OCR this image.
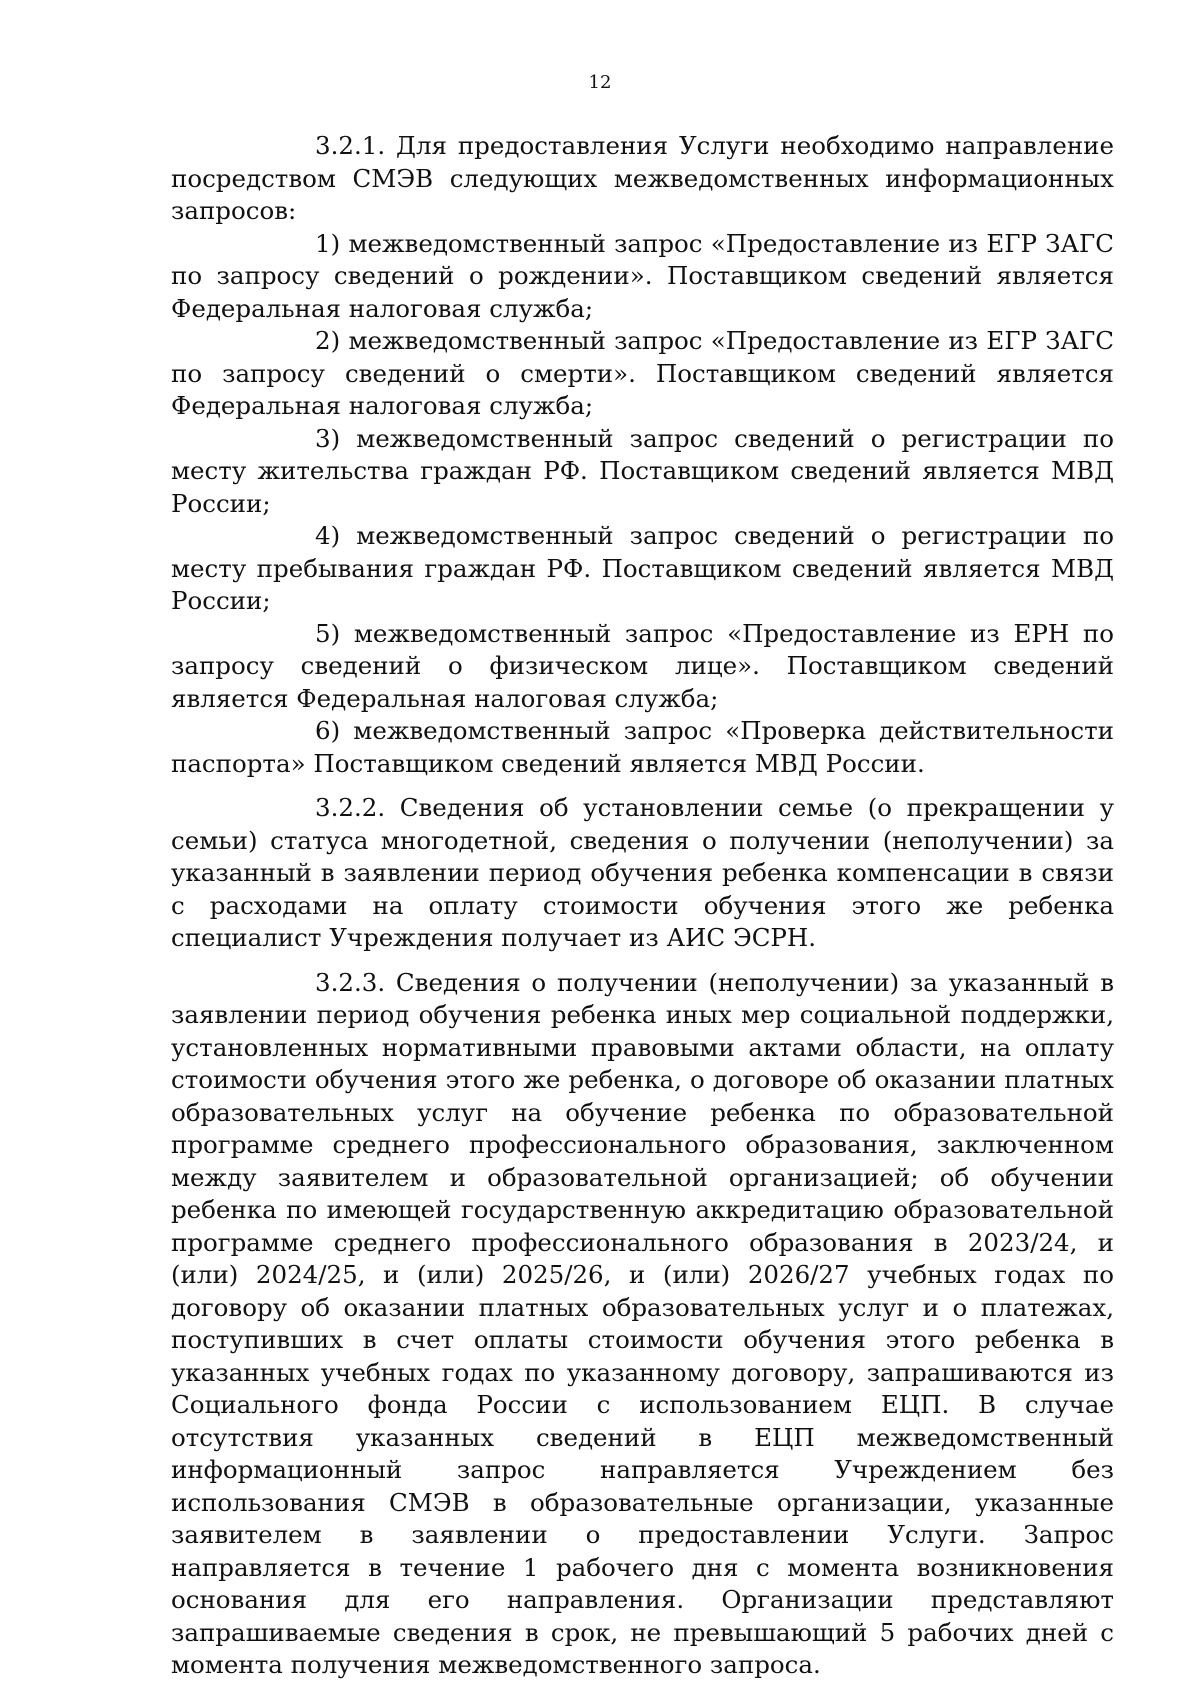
12

3.2.1. Для предоставления Услуги необходимо направление посредством СМЭВ следующих межведомственных информационных запросов:

1) межведомственный запрос «Предоставление из ЕГР ЗАГС по запросу сведений о рождении». Поставщиком сведений является Федеральная налоговая служба;

2) межведомственный запрос «Предоставление из ЕГР ЗАГС по запросу сведений о смерти». Поставщиком сведений является Федеральная налоговая служба;

3) межведомственный запрос сведений о регистрации по месту жительства граждан РФ. Поставщиком сведений является МВД России;

4) межведомственный запрос сведений о регистрации по месту пребывания граждан РФ. Поставщиком сведений является МВД России;

5) межведомственный запрос «Предоставление из ЕРН по запросу сведений о физическом лице». Поставщиком сведений является Федеральная налоговая служба;

6) межведомственный запрос «Проверка действительности паспорта» Поставщиком сведений является МВД России.

3.2.2. Сведения об установлении семье (о прекращении у семьи) статуса многодетной, сведения о получении (неполучении) за указанный в заявлении период обучения ребенка компенсации в связи с расходами на оплату стоимости обучения этого же ребенка специалист Учреждения получает из АИС ЭСРН.

3.2.3. Сведения о получении (неполучении) за указанный в заявлении период обучения ребенка иных мер социальной поддержки, установленных нормативными правовыми актами области, на оплату стоимости обучения этого же ребенка, о договоре об оказании платных образовательных услуг на обучение ребенка по образовательной программе среднего профессионального образования, заключенном между заявителем и образовательной организацией; об обучении ребенка по имеющей государственную аккредитацию образовательной программе среднего профессионального образования в 2023/24, и (или) 2024/25, и (или) 2025/26, и (или) 2026/27 учебных годах по договору об оказании платных образовательных услуг и о платежах, поступивших в счет оплаты стоимости обучения этого ребенка в указанных учебных годах по указанному договору, запрашиваются из Социального фонда России с использованием ЕЦП. В случае отсутствия указанных сведений в ЕЦП межведомственный информационный запрос направляется Учреждением без использования СМЭВ в образовательные организации, указанные заявителем в заявлении о предоставлении Услуги. Запрос направляется в течение 1 рабочего дня с момента возникновения основания для его направления. Организации представляют запрашиваемые сведения в срок, не превышающий 5 рабочих дней с момента получения межведомственного запроса.
